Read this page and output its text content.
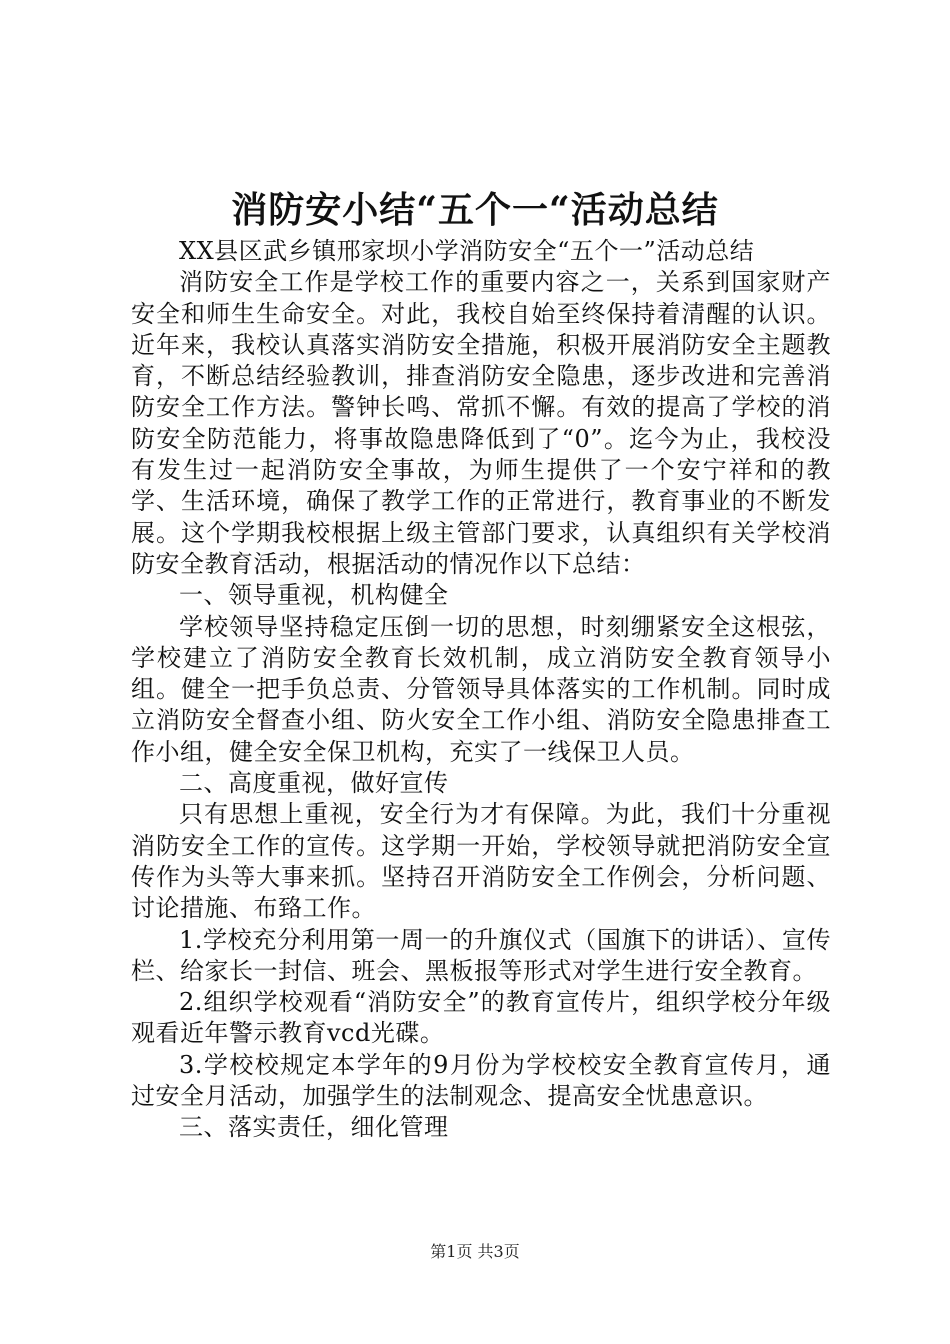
消防安小结“五个一“活动总结

XX县区武乡镇邢家坝小学消防安全“五个一”活动总结

消防安全工作是学校工作的重要内容之一，关系到国家财产安全和师生生命安全。对此，我校自始至终保持着清醒的认识。近年来，我校认真落实消防安全措施，积极开展消防安全主题教育，不断总结经验教训，排查消防安全隐患，逐步改进和完善消防安全工作方法。警钟长鸣、常抓不懈。有效的提高了学校的消防安全防范能力，将事故隐患降低到了“0”。迄今为止，我校没有发生过一起消防安全事故，为师生提供了一个安宁祥和的教学、生活环境，确保了教学工作的正常进行，教育事业的不断发展。这个学期我校根据上级主管部门要求，认真组织有关学校消防安全教育活动，根据活动的情况作以下总结：

一、领导重视，机构健全

学校领导坚持稳定压倒一切的思想，时刻绷紧安全这根弦，学校建立了消防安全教育长效机制，成立消防安全教育领导小组。健全一把手负总责、分管领导具体落实的工作机制。同时成立消防安全督查小组、防火安全工作小组、消防安全隐患排查工作小组，健全安全保卫机构，充实了一线保卫人员。

二、高度重视，做好宣传

只有思想上重视，安全行为才有保障。为此，我们十分重视消防安全工作的宣传。这学期一开始，学校领导就把消防安全宣传作为头等大事来抓。坚持召开消防安全工作例会，分析问题、讨论措施、布臵工作。

1.学校充分利用第一周一的升旗仪式（国旗下的讲话）、宣传栏、给家长一封信、班会、黑板报等形式对学生进行安全教育。

2.组织学校观看“消防安全”的教育宣传片，组织学校分年级观看近年警示教育vcd光碟。

3.学校校规定本学年的9月份为学校校安全教育宣传月，通过安全月活动，加强学生的法制观念、提高安全忧患意识。

三、落实责任，细化管理

第1页 共3页
